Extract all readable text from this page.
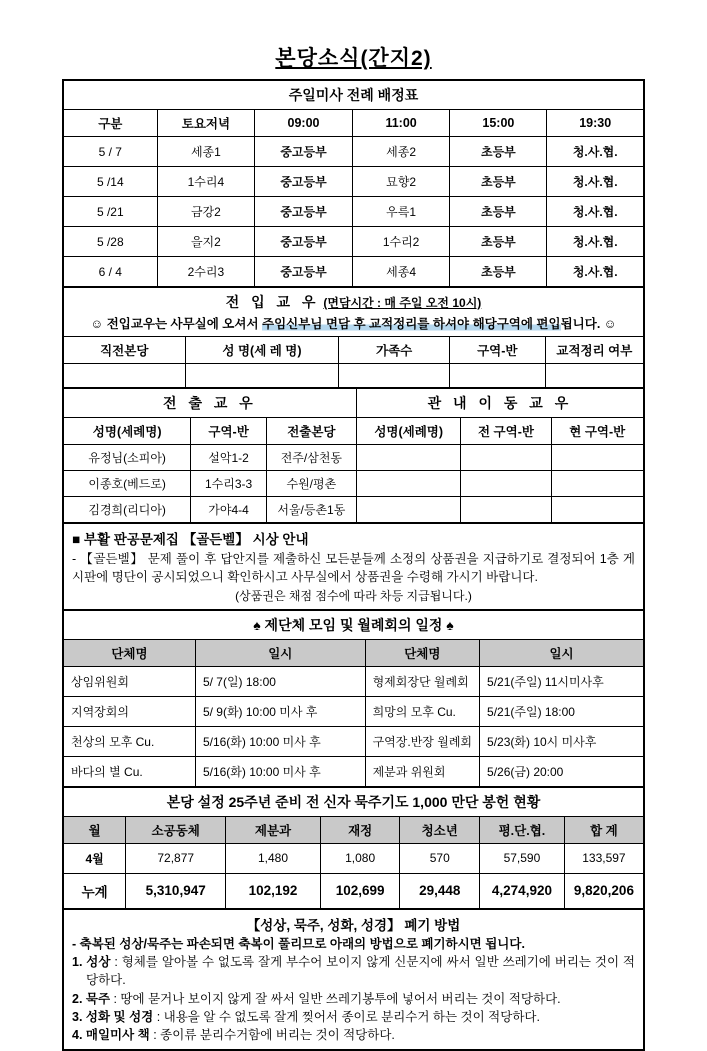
본당소식(간지2)
주일미사 전례 배정표					
구분	토요저녁	09:00	11:00	15:00	19:30
5 / 7	세종1	중고등부	세종2	초등부	청.사.협.
5 /14	1수리4	중고등부	묘향2	초등부	청.사.협.
5 /21	금강2	중고등부	우륵1	초등부	청.사.협.
5 /28	을지2	중고등부	1수리2	초등부	청.사.협.
6 / 4	2수리3	중고등부	세종4	초등부	청.사.협.
전 입 교 우 (면담시간 : 매 주일 오전 10시)
☺ 전입교우는 사무실에 오셔서 주임신부님 면담 후 교적정리를 하셔야 해당구역에 편입됩니다. ☺				

직전본당	성 명(세 레 명)	가족수	구역-반	교적정리 여부

전 출 교 우			관 내 이 동 교 우		
성명(세례명)	구역-반	전출본당	성명(세례명)	전 구역-반	현 구역-반
유정님(소피아)	설악1-2	전주/삼천동			
이종호(베드로)	1수리3-3	수원/평촌			
김경희(리디아)	가야4-4	서울/등촌1동			
■ 부활 판공문제집 【골든벨】 시상 안내
- 【골든벨】 문제 풀이 후 답안지를 제출하신 모든분들께 소정의 상품권을 지급하기로 결정되어 1층 게시판에 명단이 공시되었으니 확인하시고 사무실에서 상품권을 수령해 가시기 바랍니다.
(상품권은 채점 점수에 따라 차등 지급됩니다.)
♠ 제단체 모임 및 월례회의 일정 ♠			
단체명	일시	단체명	일시
상임위원회	5/ 7(일) 18:00	형제회장단 월례회	5/21(주일) 11시미사후
지역장회의	5/ 9(화) 10:00 미사 후	희망의 모후 Cu.	5/21(주일) 18:00
천상의 모후 Cu.	5/16(화) 10:00 미사 후	구역장.반장 월례회	5/23(화) 10시 미사후
바다의 별 Cu.	5/16(화) 10:00 미사 후	제분과 위원회	5/26(금) 20:00
본당 설정 25주년 준비 전 신자 묵주기도 1,000 만단 봉헌 현황						
월	소공동체	제분과	재정	청소년	평.단.협.	합 계
4월	72,877	1,480	1,080	570	57,590	133,597
누계	5,310,947	102,192	102,699	29,448	4,274,920	9,820,206
【성상, 묵주, 성화, 성경】 폐기 방법
- 축복된 성상/묵주는 파손되면 축복이 풀리므로 아래의 방법으로 폐기하시면 됩니다.
1. 성상 : 형체를 알아볼 수 없도록 잘게 부수어 보이지 않게 신문지에 싸서 일반 쓰레기에 버리는 것이 적당하다.
2. 묵주 : 땅에 묻거나 보이지 않게 잘 싸서 일반 쓰레기봉투에 넣어서 버리는 것이 적당하다.
3. 성화 및 성경 : 내용을 알 수 없도록 잘게 찢어서 종이로 분리수거 하는 것이 적당하다.
4. 매일미사 책 : 종이류 분리수거함에 버리는 것이 적당하다.
